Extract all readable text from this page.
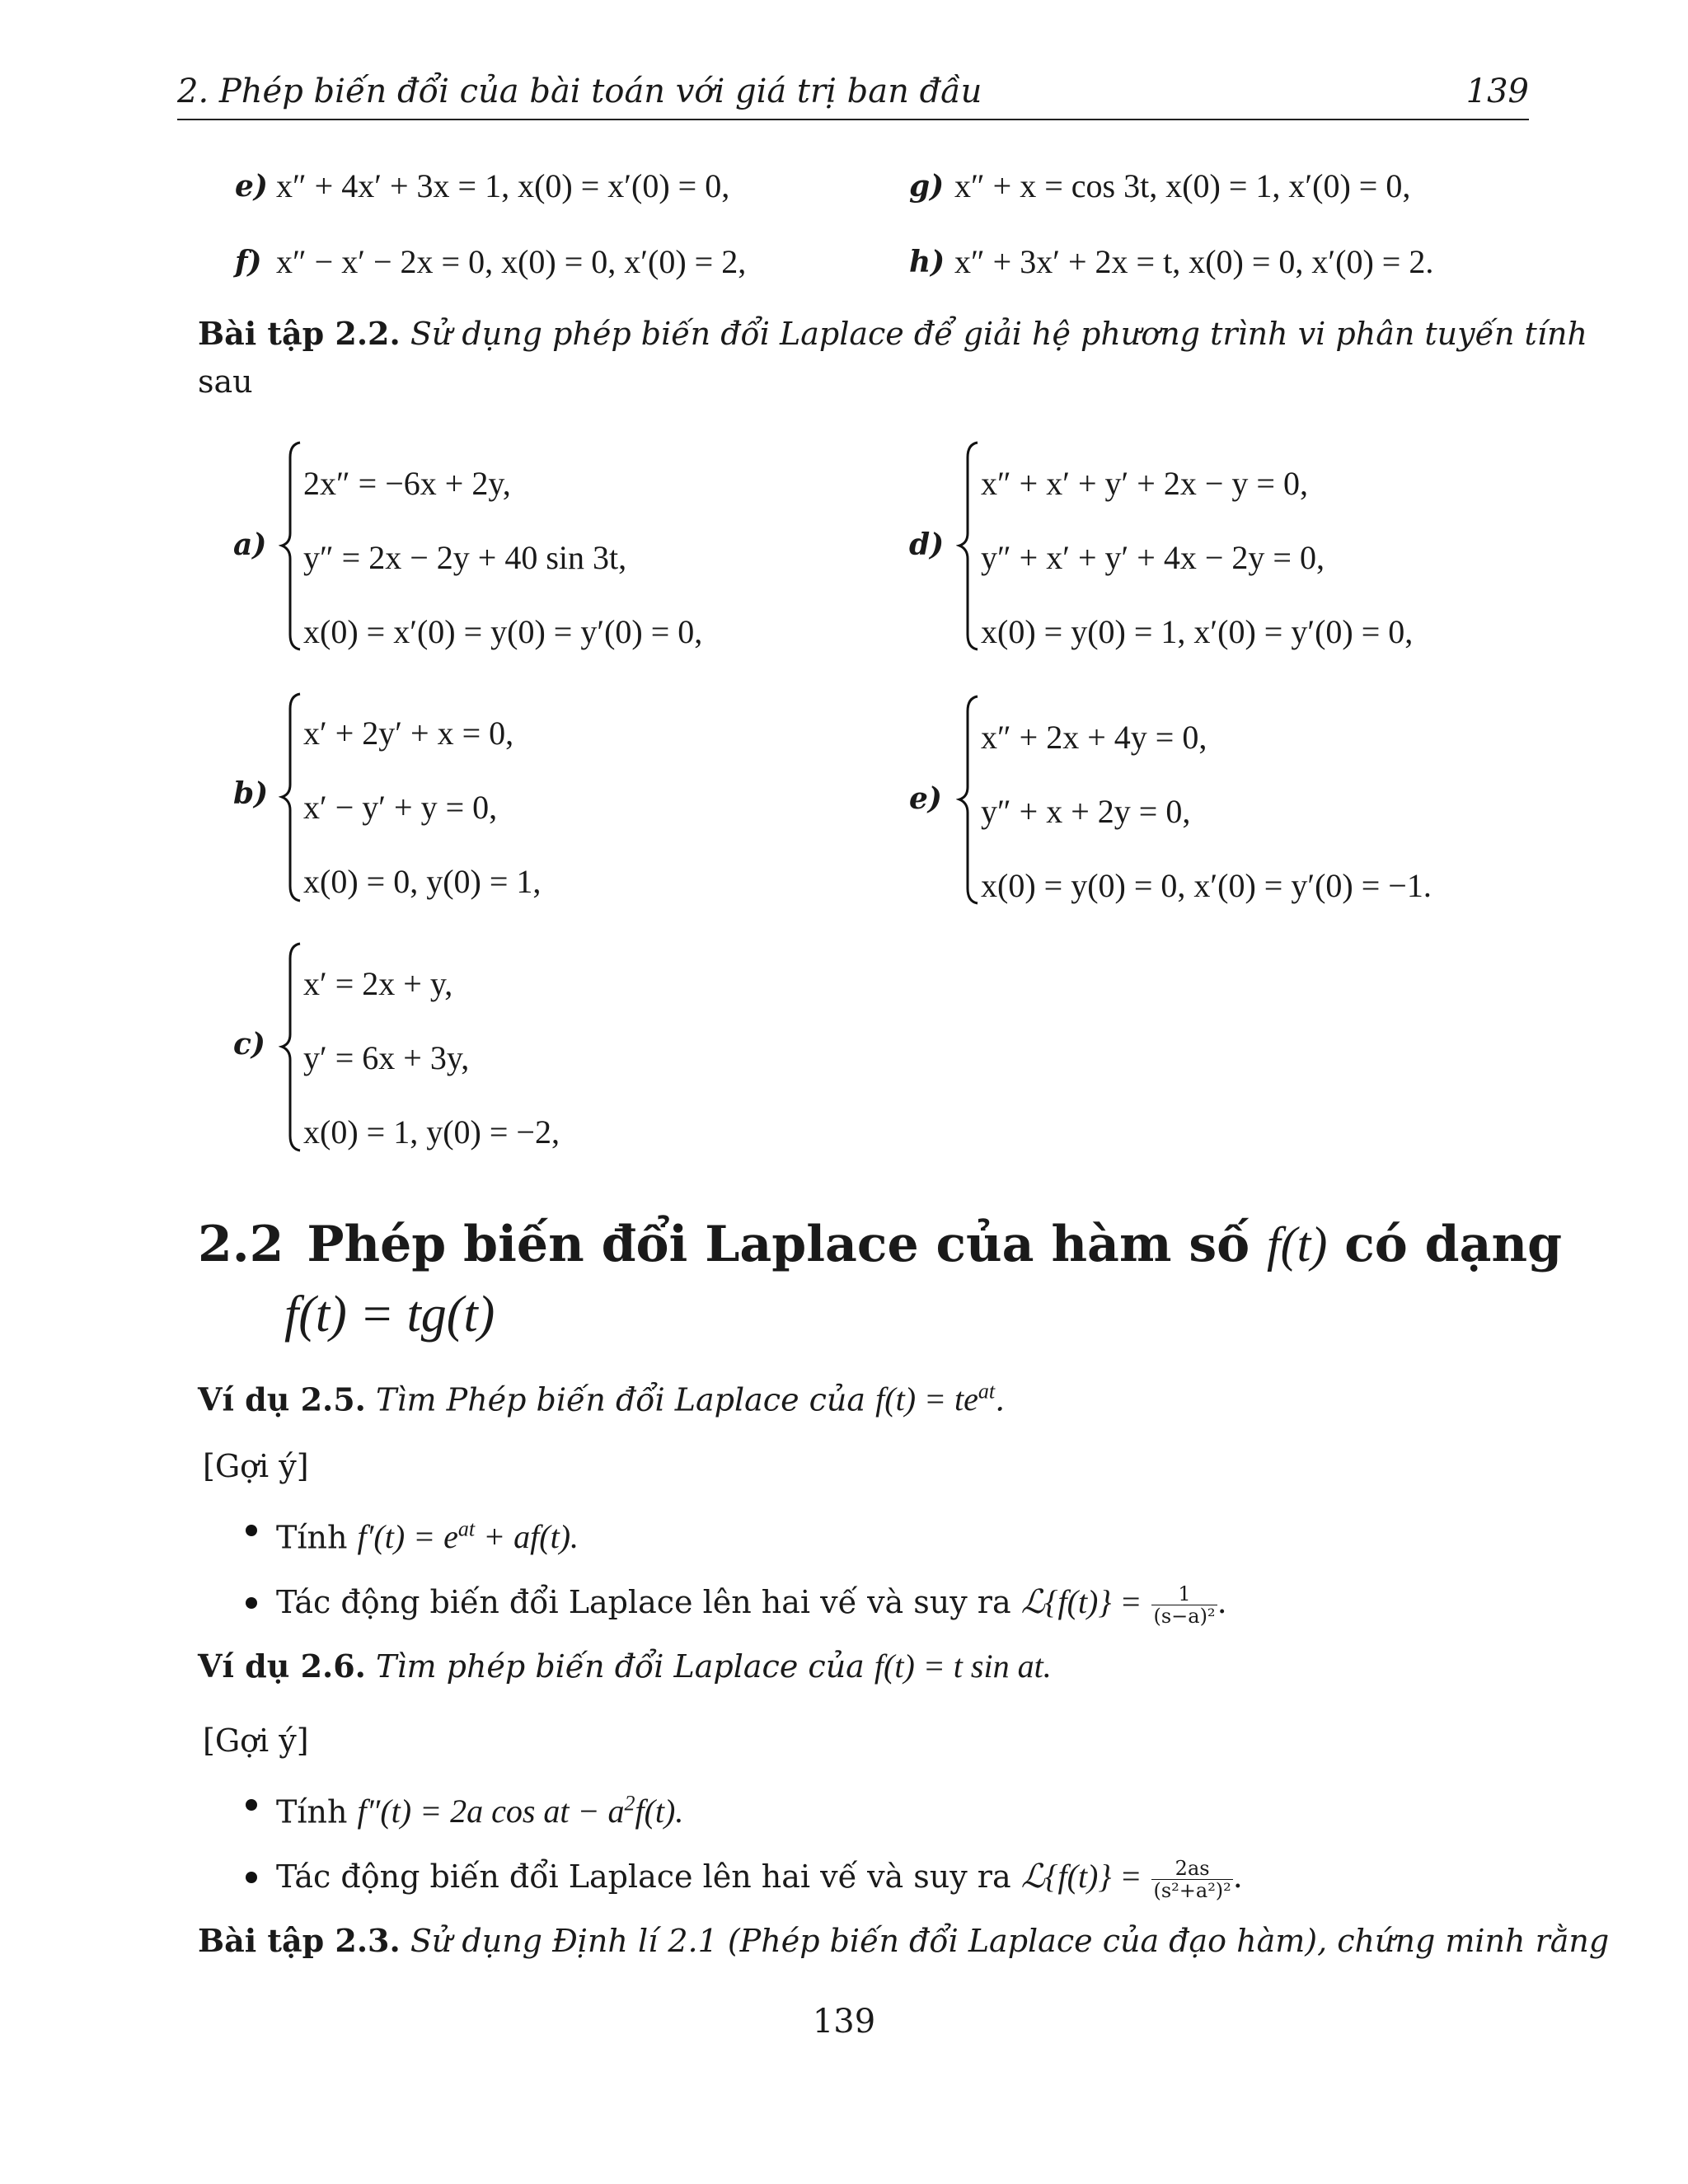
2. Phép biến đổi của bài toán với giá trị ban đầu	139
e) x″ + 4x′ + 3x = 1, x(0) = x′(0) = 0,
f) x″ − x′ − 2x = 0, x(0) = 0, x′(0) = 2,
g) x″ + x = cos 3t, x(0) = 1, x′(0) = 0,
h) x″ + 3x′ + 2x = t, x(0) = 0, x′(0) = 2.
Bài tập 2.2. Sử dụng phép biến đổi Laplace để giải hệ phương trình vi phân tuyến tính
sau
a)
2x″ = −6x + 2y,
y″ = 2x − 2y + 40 sin 3t,
x(0) = x′(0) = y(0) = y′(0) = 0,
d)
x″ + x′ + y′ + 2x − y = 0,
y″ + x′ + y′ + 4x − 2y = 0,
x(0) = y(0) = 1, x′(0) = y′(0) = 0,
b)
x′ + 2y′ + x = 0,
x′ − y′ + y = 0,
x(0) = 0, y(0) = 1,
e)
x″ + 2x + 4y = 0,
y″ + x + 2y = 0,
x(0) = y(0) = 0, x′(0) = y′(0) = −1.
c)
x′ = 2x + y,
y′ = 6x + 3y,
x(0) = 1, y(0) = −2,
2.2 Phép biến đổi Laplace của hàm số f(t) có dạng
f(t) = tg(t)
Ví dụ 2.5. Tìm Phép biến đổi Laplace của $f(t) = te^{at}$.
[Gợi ý]
Tính $f'(t) = e^{at} + af(t)$.
Tác động biến đổi Laplace lên hai vế và suy ra ℒ{f(t)} = $\frac{1}{\text{(s−a)²}}$ .
Ví dụ 2.6. Tìm phép biến đổi Laplace của f(t) = t sin at.
[Gợi ý]
Tính f″(t) = 2a cos at − $a^2f(t)$.
Tác động biến đổi Laplace lên hai vế và suy ra ℒ{f(t)} = $\frac{2as}{\text{(s²+a²)²}}$ .
Bài tập 2.3. Sử dụng Định lí 2.1 (Phép biến đổi Laplace của đạo hàm), chứng minh rằng
139
